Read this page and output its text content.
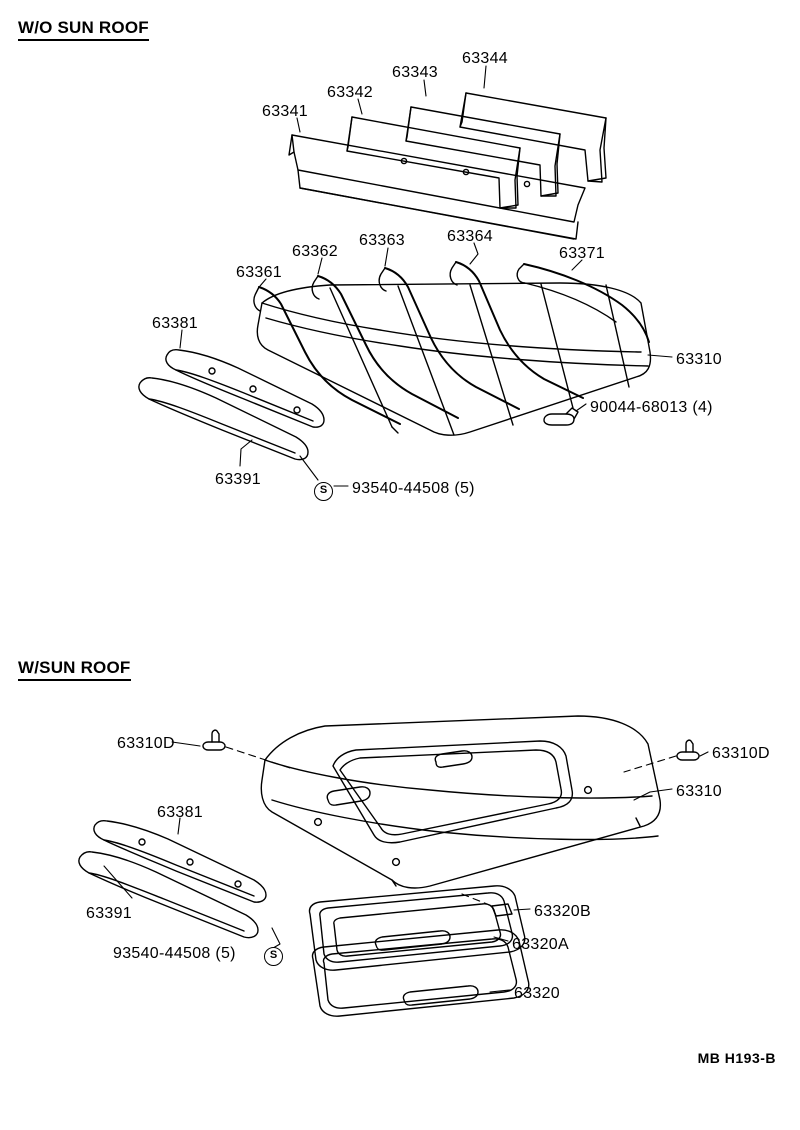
W/O SUN ROOF
W/SUN ROOF
63341
63342
63343
63344
63361
63362
63363	63364
63371
63310
63381
63391
90044-68013 (4)
93540-44508 (5)
S
63310D
63310D
63310
63381
63391
93540-44508 (5)	S
63320B
63320A
63320
MB H193-B
